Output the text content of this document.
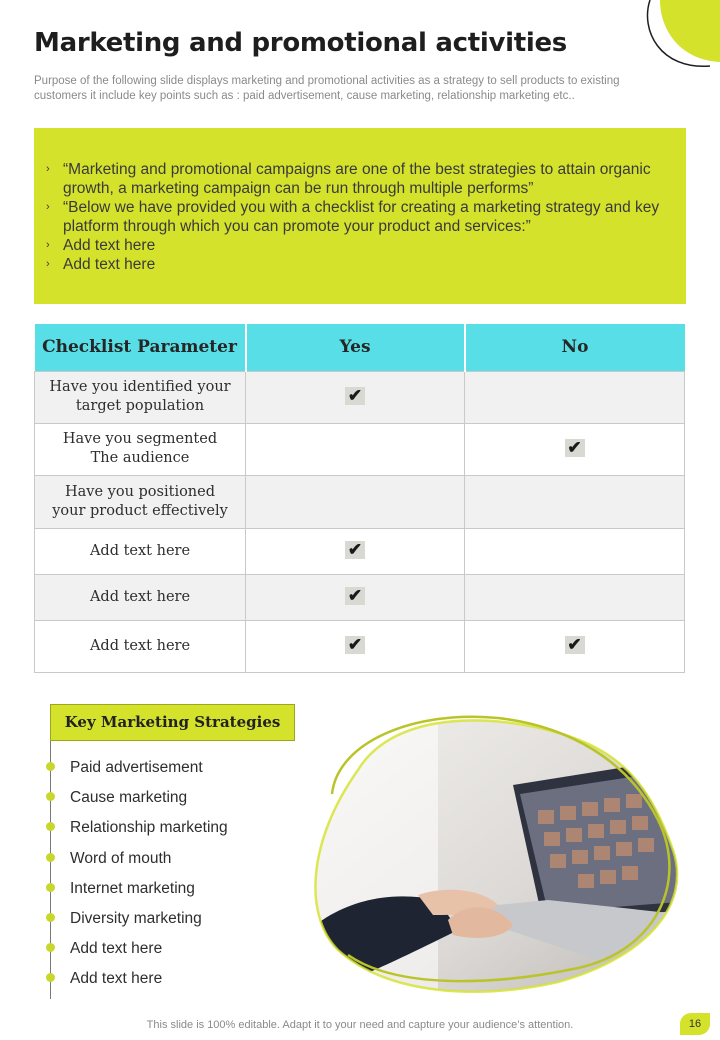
Marketing and promotional activities

Purpose of the following slide displays marketing and promotional activities as a strategy to sell products to existing customers it include key points such as : paid advertisement, cause marketing, relationship marketing etc..

› “Marketing and promotional campaigns are one of the best strategies to attain organic growth, a marketing campaign can be run through multiple performs”
› “Below we have provided you with a checklist for creating a marketing strategy and key platform through which you can promote your product and services:”
› Add text here
› Add text here
Checklist Parameter	Yes	No
Have you identified your target population	✔	
Have you segmented The audience		✔
Have you positioned your product effectively		
Add text here	✔	
Add text here	✔	
Add text here	✔	✔
Key Marketing Strategies
Paid advertisement
Cause marketing
Relationship marketing
Word of mouth
Internet marketing
Diversity marketing
Add text here
Add text here
This slide is 100% editable. Adapt it to your need and capture your audience’s attention.	16
